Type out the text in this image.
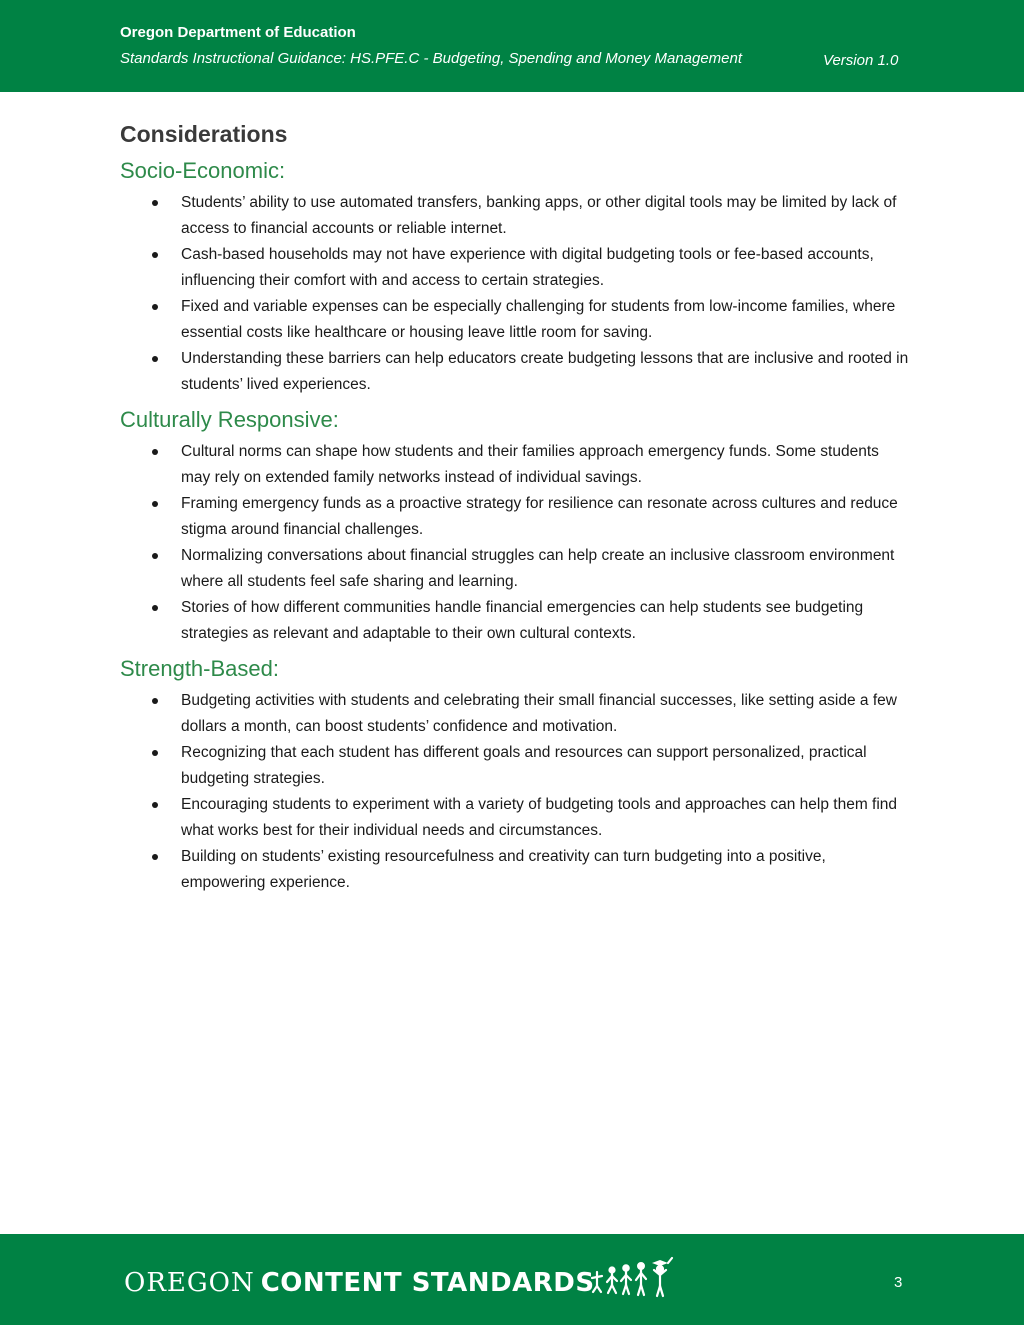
Oregon Department of Education
Standards Instructional Guidance: HS.PFE.C - Budgeting, Spending and Money Management	Version 1.0
Considerations
Socio-Economic:
Students’ ability to use automated transfers, banking apps, or other digital tools may be limited by lack of access to financial accounts or reliable internet.
Cash-based households may not have experience with digital budgeting tools or fee-based accounts, influencing their comfort with and access to certain strategies.
Fixed and variable expenses can be especially challenging for students from low-income families, where essential costs like healthcare or housing leave little room for saving.
Understanding these barriers can help educators create budgeting lessons that are inclusive and rooted in students’ lived experiences.
Culturally Responsive:
Cultural norms can shape how students and their families approach emergency funds. Some students may rely on extended family networks instead of individual savings.
Framing emergency funds as a proactive strategy for resilience can resonate across cultures and reduce stigma around financial challenges.
Normalizing conversations about financial struggles can help create an inclusive classroom environment where all students feel safe sharing and learning.
Stories of how different communities handle financial emergencies can help students see budgeting strategies as relevant and adaptable to their own cultural contexts.
Strength-Based:
Budgeting activities with students and celebrating their small financial successes, like setting aside a few dollars a month, can boost students’ confidence and motivation.
Recognizing that each student has different goals and resources can support personalized, practical budgeting strategies.
Encouraging students to experiment with a variety of budgeting tools and approaches can help them find what works best for their individual needs and circumstances.
Building on students’ existing resourcefulness and creativity can turn budgeting into a positive, empowering experience.
OREGON CONTENT STANDARDS	3
